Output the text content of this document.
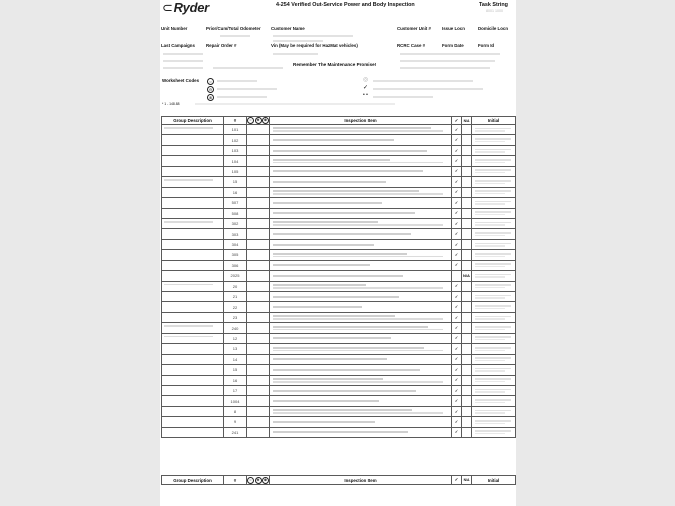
⊂Ryder	4-254 Verified Out-Service Power and Body Inspection	Task String
8001 1000
Unit Number	Prior/Cum/Total Odometer Customer Name	Customer Unit #	Issue Locn	Domicile Locn
Last Campaigns	Repair Order #	Vin (May be required for HazMat vehicles)	RCRC Case #	Form Date	Form Id
Remember The Maintenance Promise!
Worksheet Codes	○
⊖
⊗
◎
✓
• •
* 1 - 148.88
Group Description	#	○ ⊖ ⊗	Inspection Item	✓	N/A	Initial

	101			✓		

	102			✓		

	103			✓		

	104			✓		

	105			✓		

	15			✓		

	16			✓		

	507			✓		

	508			✓		

	302			✓		

	303			✓		

	304			✓		

	305			✓		

	306			✓		

	2025				N/A	

	20			✓		

	21			✓		

	22			✓		

	23			✓		

	240			✓		

	12			✓		

	13			✓		

	14			✓		

	15			✓		

	16			✓		

	17			✓		

	1004			✓		

	8			✓		

	9			✓		

	241			✓		
Group Description	#	○	⊖	⊗	Inspection Item	✓	N/A	Initial
